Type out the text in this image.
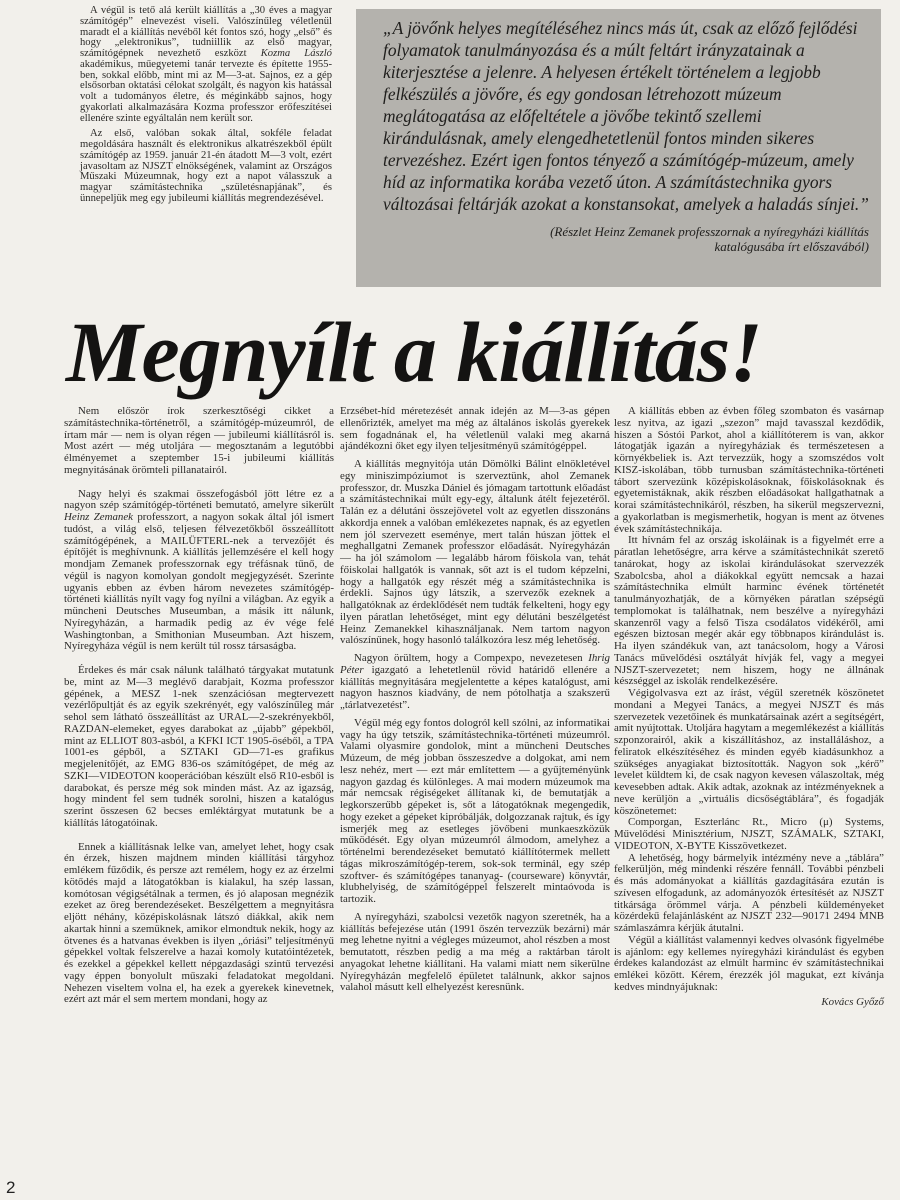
A végül is tető alá került kiállítás a „30 éves a magyar számítógép” elnevezést viseli. Valószínűleg véletlenül maradt el a kiállítás nevéből két fontos szó, hogy „első” és hogy „elektronikus”, tudniillik az első magyar, számítógépnek nevezhető eszközt Kozma László akadémikus, műegyetemi tanár tervezte és építette 1955-ben, sokkal előbb, mint mi az M—3-at. Sajnos, ez a gép elsősorban oktatási célokat szolgált, és nagyon kis hatással volt a tudományos életre, és méginkább sajnos, hogy gyakorlati alkalmazására Kozma professzor erőfeszítései ellenére szinte egyáltalán nem került sor.

Az első, valóban sokak által, sokféle feladat megoldására használt és elektronikus alkatrészekből épült számítógép az 1959. január 21-én átadott M—3 volt, ezért javasoltam az NJSZT elnökségének, valamint az Országos Műszaki Múzeumnak, hogy ezt a napot válasszuk a magyar számítástechnika „születésnapjának”, és ünnepeljük meg egy jubileumi kiállítás megrendezésével.

„A jövőnk helyes megítéléséhez nincs más út, csak az előző fejlődési folyamatok tanulmányozása és a múlt feltárt irányzatainak a kiterjesztése a jelenre. A helyesen értékelt történelem a legjobb felkészülés a jövőre, és egy gondosan létrehozott múzeum meglátogatása az előfeltétele a jövőbe tekintő szellemi kirándulásnak, amely elengedhetetlenül fontos minden sikeres tervezéshez. Ezért igen fontos tényező a számítógép-múzeum, amely híd az informatika korába vezető úton. A számítástechnika gyors változásai feltárják azokat a konstansokat, amelyek a haladás sínjei.”

(Részlet Heinz Zemanek professzornak a nyíregyházi kiállítás
katalógusába írt előszavából)

Megnyílt a kiállítás!

Nem először írok szerkesztőségi cikket a számítástechnika-történetről, a számítógép-múzeumról, de írtam már — nem is olyan régen — jubileumi kiállításról is. Most azért — még utoljára — megosztanám a legutóbbi élményemet a szeptember 15-i jubileumi kiállítás megnyitásának örömteli pillanatairól.

Nagy helyi és szakmai összefogásból jött létre ez a nagyon szép számítógép-történeti bemutató, amelyre sikerült Heinz Zemanek professzort, a nagyon sokak által jól ismert tudóst, a világ első, teljesen félvezetőkből összeállított számítógépének, a MAILÜFTERL-nek a tervezőjét és építőjét is meghívnunk. A kiállítás jellemzésére el kell hogy mondjam Zemanek professzornak egy tréfásnak tűnő, de végül is nagyon komolyan gondolt megjegyzését. Szerinte ugyanis ebben az évben három nevezetes számítógép-történeti kiállítás nyílt vagy fog nyílni a világban. Az egyik a müncheni Deutsches Museumban, a másik itt nálunk, Nyíregyházán, a harmadik pedig az év vége felé Washingtonban, a Smithonian Museumban. Azt hiszem, Nyíregyháza végül is nem került túl rossz társaságba.

Érdekes és már csak nálunk található tárgyakat mutatunk be, mint az M—3 meglévő darabjait, Kozma professzor gépének, a MESZ 1-nek szenzációsan megtervezett vezérlőpultját és az egyik szekrényét, egy valószínűleg már sehol sem látható összeállítást az URAL—2-szekrényekből, RAZDAN-elemeket, egyes darabokat az „újabb” gépekből, mint az ELLIOT 803-asból, a KFKI ICT 1905-öséből, a TPA 1001-es gépből, a SZTAKI GD—71-es grafikus megjelenítőjét, az EMG 836-os számítógépet, de még az SZKI—VIDEOTON kooperációban készült első R10-esből is darabokat, és persze még sok minden mást. Az az igazság, hogy mindent fel sem tudnék sorolni, hiszen a katalógus szerint összesen 62 becses emléktárgyat mutatunk be a kiállítás látogatóinak.

Ennek a kiállításnak lelke van, amelyet lehet, hogy csak én érzek, hiszen majdnem minden kiállítási tárgyhoz emlékem fűződik, és persze azt remélem, hogy ez az érzelmi kötődés majd a látogatókban is kialakul, ha szép lassan, komótosan végigsétálnak a termen, és jó alaposan megnézik ezeket az öreg berendezéseket. Beszélgettem a megnyitásra eljött néhány, középiskolásnak látszó diákkal, akik nem akartak hinni a szemüknek, amikor elmondtuk nekik, hogy az ötvenes és a hatvanas években is ilyen „óriási” teljesítményű gépekkel voltak felszerelve a hazai komoly kutatóintézetek, és ezekkel a gépekkel kellett népgazdasági szintű tervezési vagy éppen bonyolult műszaki feladatokat megoldani. Nehezen viseltem volna el, ha ezek a gyerekek kinevetnek, ezért azt már el sem mertem mondani, hogy az

Erzsébet-híd méretezését annak idején az M—3-as gépen ellenőrizték, amelyet ma még az általános iskolás gyerekek sem fogadnának el, ha véletlenül valaki meg akarná ajándékozni őket egy ilyen teljesítményű számítógéppel.

A kiállítás megnyitója után Dömölki Bálint elnökletével egy miniszimpóziumot is szerveztünk, ahol Zemanek professzor, dr. Muszka Dániel és jómagam tartottunk előadást a számítástechnikai múlt egy-egy, általunk átélt fejezetéről. Talán ez a délutáni összejövetel volt az egyetlen disszonáns akkordja ennek a valóban emlékezetes napnak, és az egyetlen nem jól szervezett eseménye, mert talán húszan jöttek el meghallgatni Zemanek professzor előadását. Nyíregyházán — ha jól számolom — legalább három főiskola van, tehát főiskolai hallgatók is vannak, sőt azt is el tudom képzelni, hogy a hallgatók egy részét még a számítástechnika is érdekli. Sajnos úgy látszik, a szervezők ezeknek a hallgatóknak az érdeklődését nem tudták felkelteni, hogy egy ilyen páratlan lehetőséget, mint egy délutáni beszélgetést Heinz Zemanekkel kihasználjanak. Nem tartom nagyon valószínűnek, hogy hasonló találkozóra lesz még lehetőség.

Nagyon örültem, hogy a Compexpo, nevezetesen Ihrig Péter igazgató a lehetetlenül rövid határidő ellenére a kiállítás megnyitására megjelentette a képes katalógust, ami nagyon hasznos kiadvány, de nem pótolhatja a szakszerű „tárlatvezetést”.

Végül még egy fontos dologról kell szólni, az informatikai vagy ha úgy tetszik, számítástechnika-történeti múzeumról. Valami olyasmire gondolok, mint a müncheni Deutsches Múzeum, de még jobban összeszedve a dolgokat, ami nem lesz nehéz, mert — ezt már említettem — a gyűjteményünk nagyon gazdag és különleges. A mai modern múzeumok ma már nemcsak régiségeket állítanak ki, de bemutatják a legkorszerűbb gépeket is, sőt a látogatóknak megengedik, hogy ezeket a gépeket kipróbálják, dolgozzanak rajtuk, és így ismerjék meg az esetleges jövőbeni munkaeszközük működését. Egy olyan múzeumról álmodom, amelyhez a történelmi berendezéseket bemutató kiállítótermek mellett tágas mikroszámítógép-terem, sok-sok terminál, egy szép szoftver- és számítógépes tananyag- (courseware) könyvtár, klubhelyiség, de számítógéppel felszerelt mintaóvoda is tartozik.

A nyíregyházi, szabolcsi vezetők nagyon szeretnék, ha a kiállítás befejezése után (1991 őszén tervezzük bezárni) már meg lehetne nyitni a végleges múzeumot, ahol részben a most bemutatott, részben pedig a ma még a raktárban tárolt anyagokat lehetne kiállítani. Ha valami miatt nem sikerülne Nyíregyházán megfelelő épületet találnunk, akkor sajnos valahol másutt kell elhelyezést keresnünk.

A kiállítás ebben az évben főleg szombaton és vasárnap lesz nyitva, az igazi „szezon” majd tavasszal kezdődik, hiszen a Sóstói Parkot, ahol a kiállítóterem is van, akkor látogatják igazán a nyíregyháziak és természetesen a környékbeliek is. Azt tervezzük, hogy a szomszédos volt KISZ-iskolában, több turnusban számítástechnika-történeti tábort szervezünk középiskolásoknak, főiskolásoknak és egyetemistáknak, akik részben előadásokat hallgathatnak a korai számítástechnikáról, részben, ha sikerül megszervezni, a gyakorlatban is megismerhetik, hogyan is ment az ötvenes évek számítástechnikája.

Itt hívnám fel az ország iskoláinak is a figyelmét erre a páratlan lehetőségre, arra kérve a számítástechnikát szerető tanárokat, hogy az iskolai kirándulásokat szervezzék Szabolcsba, ahol a diákokkal együtt nemcsak a hazai számítástechnika elmúlt harminc évének történetét tanulmányozhatják, de a környéken páratlan szépségű templomokat is találhatnak, nem beszélve a nyíregyházi skanzenről vagy a felső Tisza csodálatos vidékéről, ami egészen biztosan megér akár egy többnapos kirándulást is. Ha ilyen szándékuk van, azt tanácsolom, hogy a Városi Tanács művelődési osztályát hívják fel, vagy a megyei NJSZT-szervezetet; nem hiszem, hogy ne állnának készséggel az iskolák rendelkezésére.

Végigolvasva ezt az írást, végül szeretnék köszönetet mondani a Megyei Tanács, a megyei NJSZT és más szervezetek vezetőinek és munkatársainak azért a segítségért, amit nyújtottak. Utoljára hagytam a megemlékezést a kiállítás szponzorairól, akik a kiszállításhoz, az installáláshoz, a feliratok elkészítéséhez és minden egyéb kiadásunkhoz a szükséges anyagiakat biztosították. Nagyon sok „kérő” levelet küldtem ki, de csak nagyon kevesen válaszoltak, még kevesebben adtak. Akik adtak, azoknak az intézményeknek a neve kerüljön a „virtuális dicsőségtáblára”, és fogadják köszönetemet:

Comporgan, Eszterlánc Rt., Micro (μ) Systems, Művelődési Minisztérium, NJSZT, SZÁMALK, SZTAKI, VIDEOTON, X-BYTE Kisszövetkezet.

A lehetőség, hogy bármelyik intézmény neve a „táblára” felkerüljön, még mindenki részére fennáll. További pénzbeli és más adományokat a kiállítás gazdagítására ezután is szívesen elfogadunk, az adományozók értesítését az NJSZT titkársága örömmel várja. A pénzbeli küldeményeket közérdekű felajánlásként az NJSZT 232—90171 2494 MNB számlaszámra kérjük átutalni.

Végül a kiállítást valamennyi kedves olvasónk figyelmébe is ajánlom: egy kellemes nyíregyházi kirándulást és egyben érdekes kalandozást az elmúlt harminc év számítástechnikai emlékei között. Kérem, érezzék jól magukat, ezt kívánja kedves mindnyájuknak:

Kovács Győző
2
